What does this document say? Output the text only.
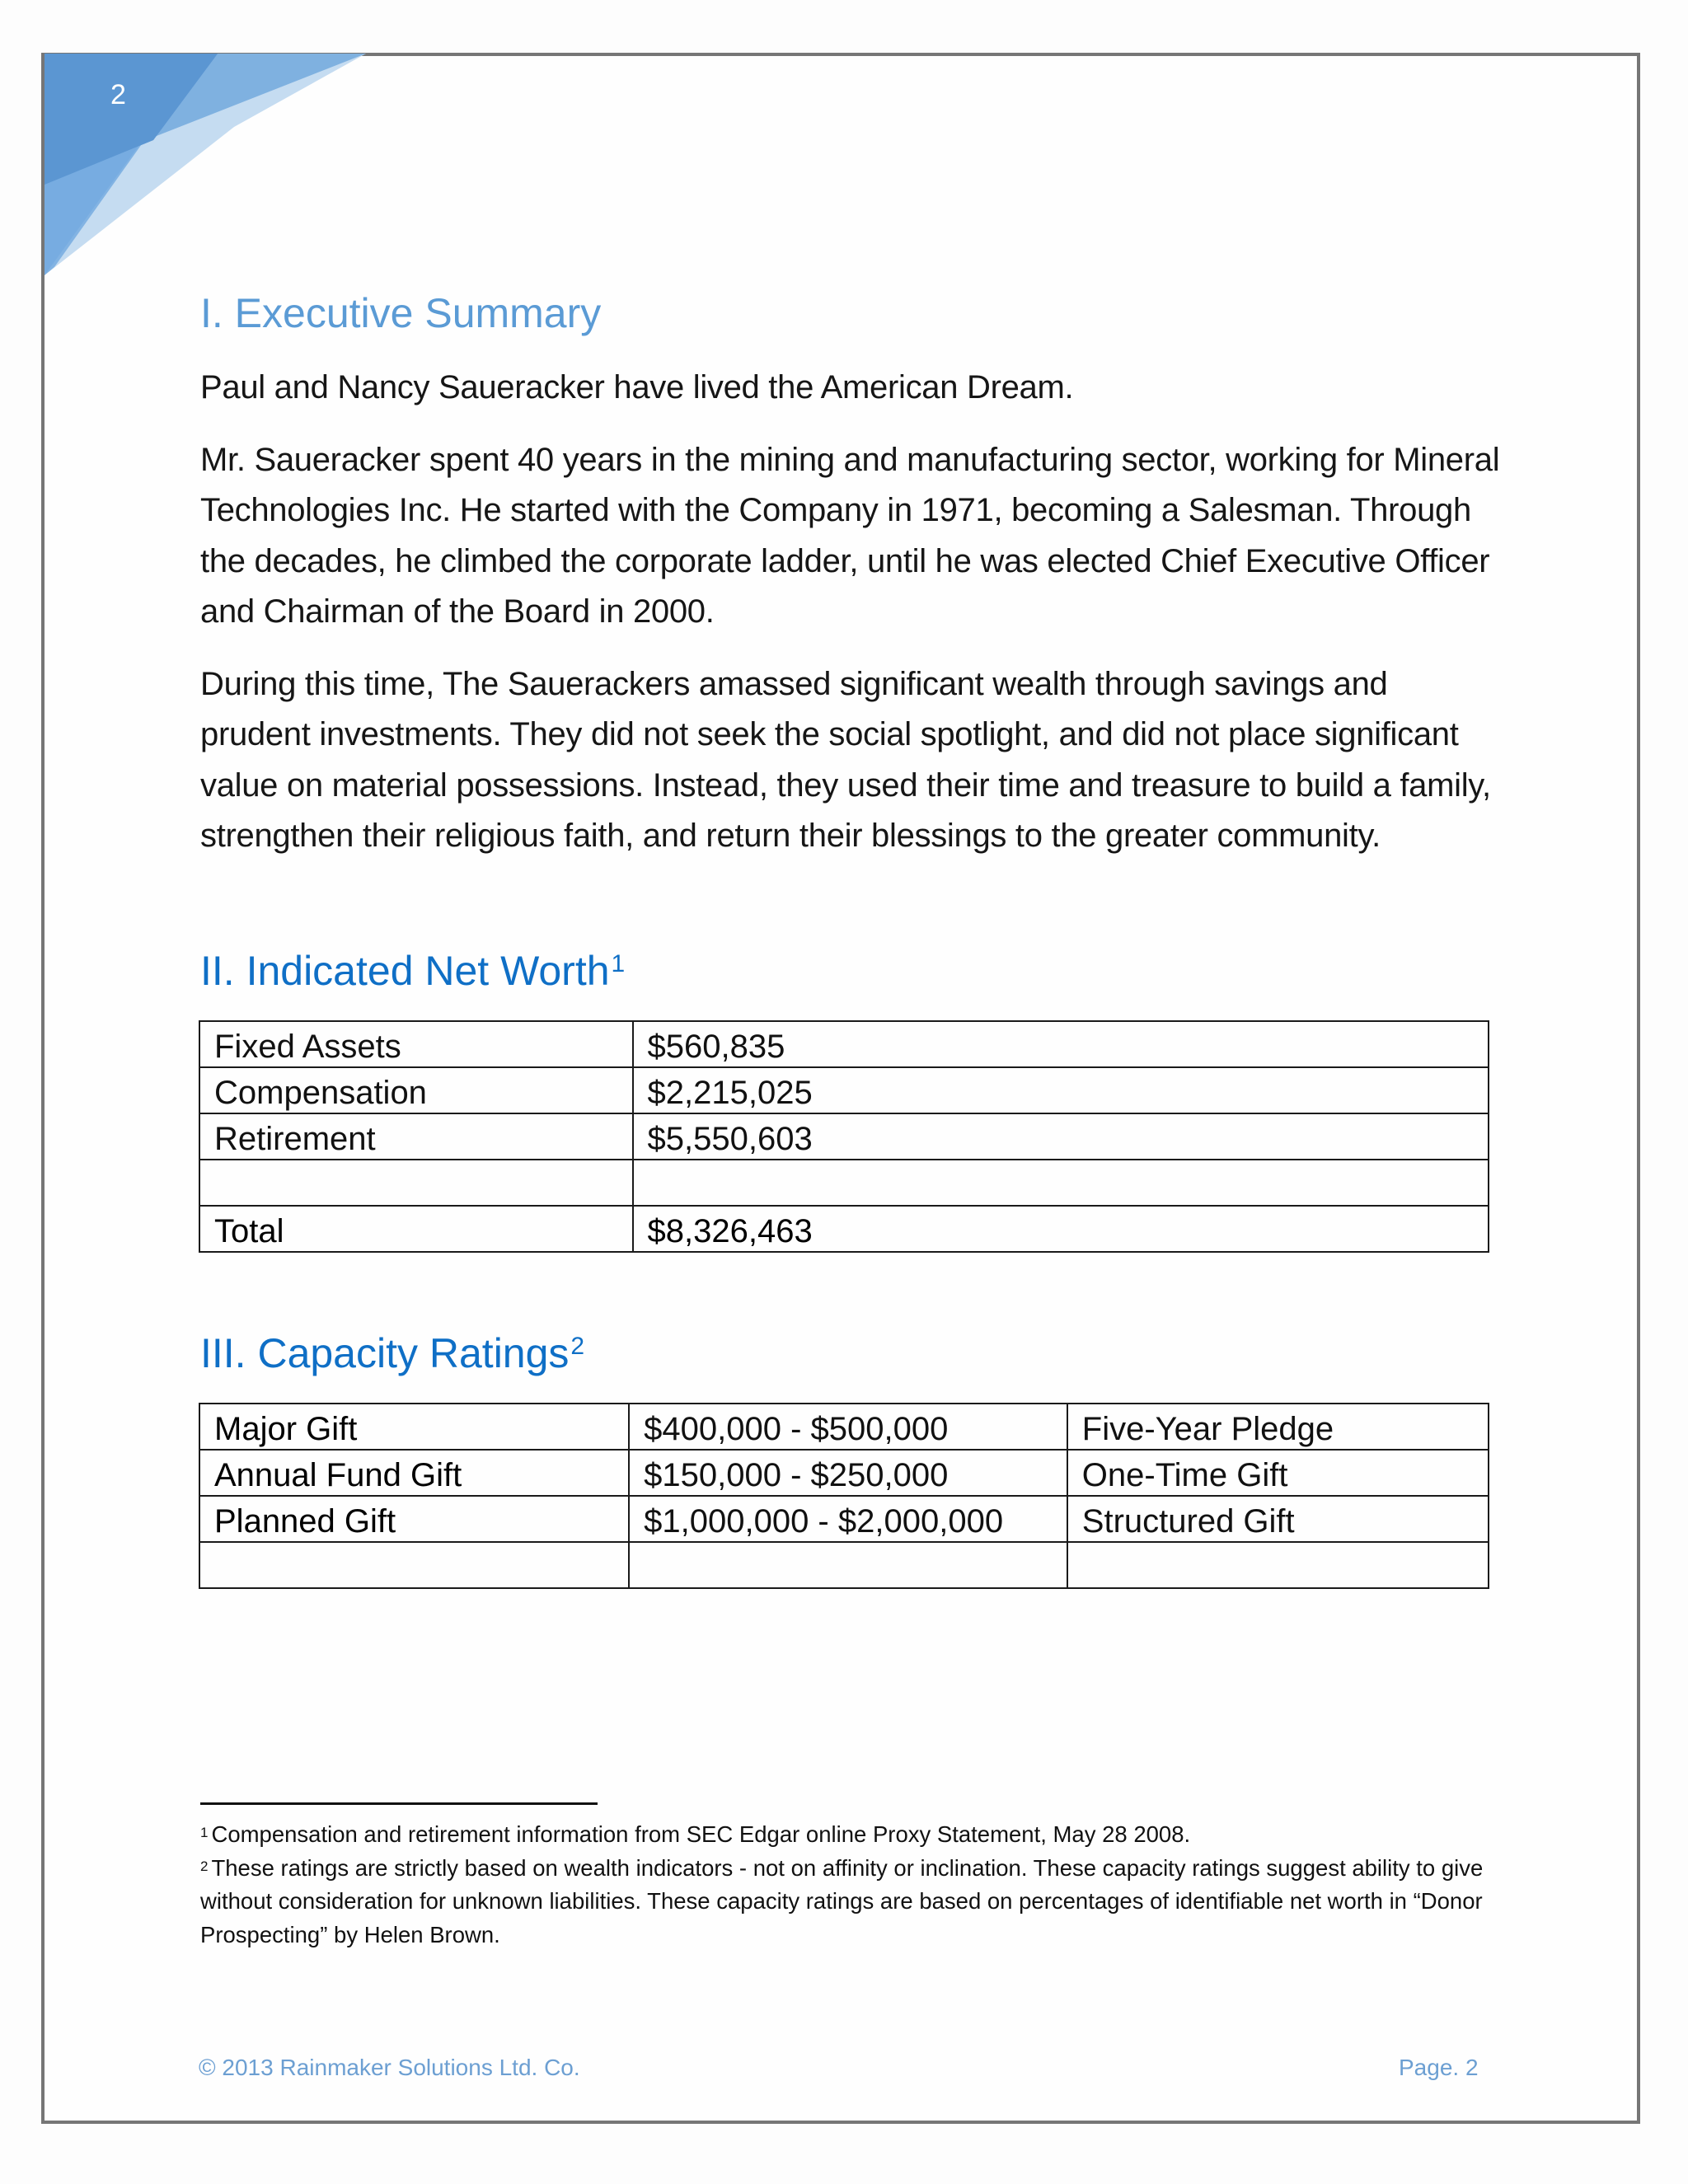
2
I. Executive Summary

Paul and Nancy Saueracker have lived the American Dream.

Mr. Saueracker spent 40 years in the mining and manufacturing sector, working for Mineral Technologies Inc. He started with the Company in 1971, becoming a Salesman. Through the decades, he climbed the corporate ladder, until he was elected Chief Executive Officer and Chairman of the Board in 2000.

During this time, The Sauerackers amassed significant wealth through savings and prudent investments. They did not seek the social spotlight, and did not place significant value on material possessions. Instead, they used their time and treasure to build a family, strengthen their religious faith, and return their blessings to the greater community.

II. Indicated Net Worth$^1$
Fixed Assets	$560,835
Compensation	$2,215,025
Retirement	$5,550,603

Total	$8,326,463
III. Capacity Ratings$^2$
Major Gift	$400,000 - $500,000	Five-Year Pledge
Annual Fund Gift	$150,000 - $250,000	One-Time Gift
Planned Gift	$1,000,000 - $2,000,000	Structured Gift

$^1$ Compensation and retirement information from SEC Edgar online Proxy Statement, May 28 2008.

$^2$ These ratings are strictly based on wealth indicators - not on affinity or inclination. These capacity ratings suggest ability to give without consideration for unknown liabilities. These capacity ratings are based on percentages of identifiable net worth in “Donor Prospecting” by Helen Brown.

© 2013 Rainmaker Solutions Ltd. Co.	Page. 2
